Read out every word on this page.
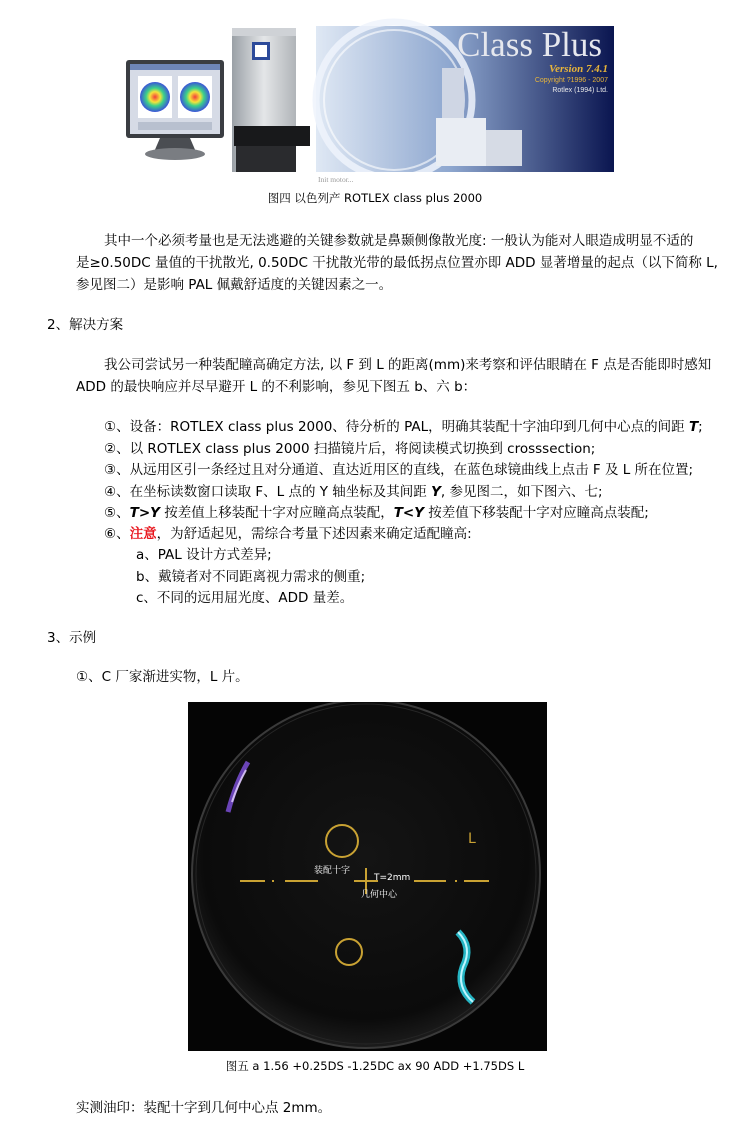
Class Plus
Version 7.4.1
Copyright ?1996 - 2007
Rotlex (1994) Ltd.
Init motor...
图四 以色列产 ROTLEX class plus 2000
其中一个必须考量也是无法逃避的关键参数就是鼻颞侧像散光度: 一般认为能对人眼造成明显不适的
是≥0.50DC 量值的干扰散光, 0.50DC 干扰散光带的最低拐点位置亦即 ADD 显著增量的起点（以下简称 L,
参见图二）是影响 PAL 佩戴舒适度的关键因素之一。
2、解决方案
我公司尝试另一种装配瞳高确定方法, 以 F 到 L 的距离(mm)来考察和评估眼睛在 F 点是否能即时感知
ADD 的最快响应并尽早避开 L 的不利影响，参见下图五 b、六 b：
①、设备：ROTLEX class plus 2000、待分析的 PAL，明确其装配十字油印到几何中心点的间距 T;
②、以 ROTLEX class plus 2000 扫描镜片后，将阅读模式切换到 crosssection;
③、从远用区引一条经过且对分通道、直达近用区的直线，在蓝色球镜曲线上点击 F 及 L 所在位置;
④、在坐标读数窗口读取 F、L 点的 Y 轴坐标及其间距 Y, 参见图二，如下图六、七;
⑤、T>Y 按差值上移装配十字对应瞳高点装配，T<Y 按差值下移装配十字对应瞳高点装配;
⑥、注意，为舒适起见，需综合考量下述因素来确定适配瞳高:
a、PAL 设计方式差异;
b、戴镜者对不同距离视力需求的侧重;
c、不同的远用屈光度、ADD 量差。
3、示例
①、C 厂家渐进实物，L 片。
装配十字
T=2mm
几何中心
L
图五 a 1.56 +0.25DS -1.25DC ax 90 ADD +1.75DS L
实测油印：装配十字到几何中心点 2mm。
